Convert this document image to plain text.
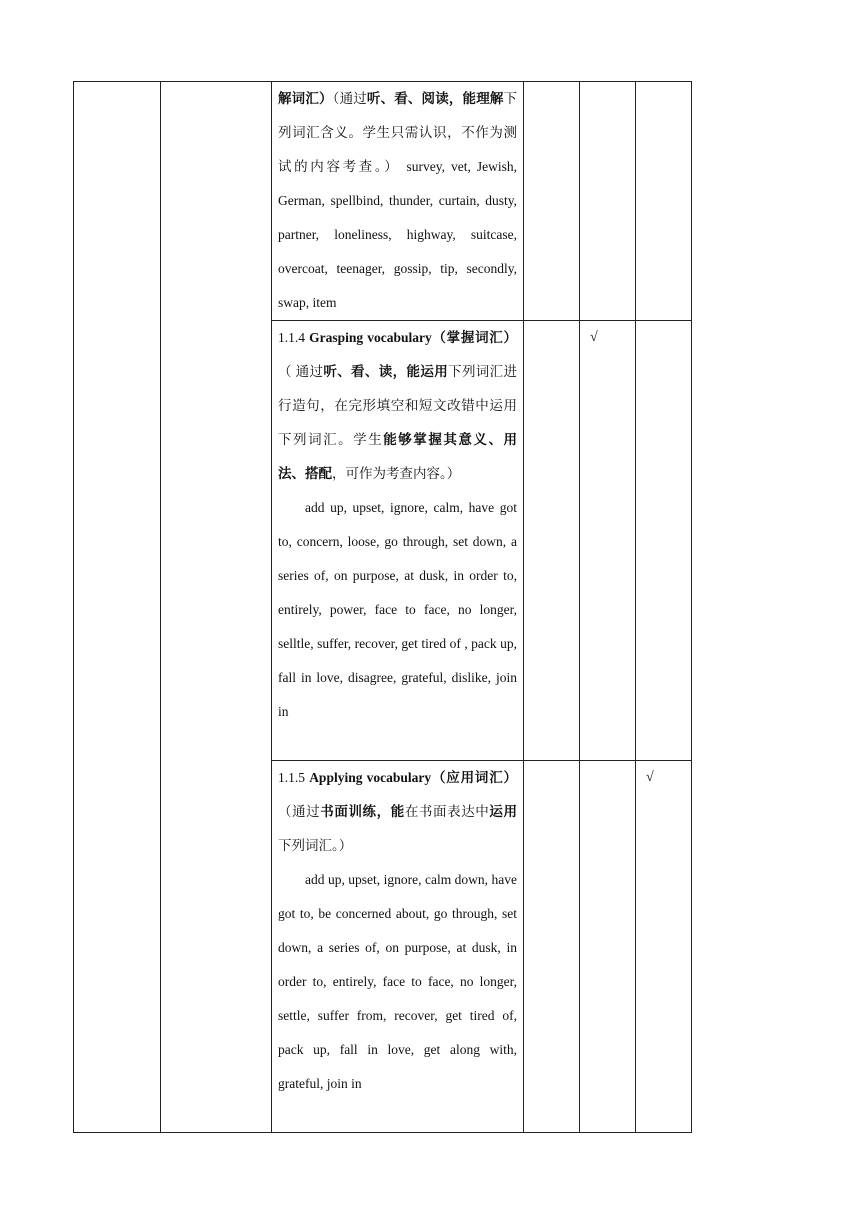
		解词汇）（通过听、看、阅读，能理解下列词汇含义。学生只需认识，不作为测试的内容考查。） survey, vet, Jewish, German, spellbind, thunder, curtain, dusty, partner, loneliness, highway, suitcase, overcoat, teenager, gossip, tip, secondly, swap, item			

		1.1.4 Grasping vocabulary（掌握词汇）（ 通过听、看、读，能运用下列词汇进行造句，在完形填空和短文改错中运用下列词汇。学生能够掌握其意义、用法、搭配，可作为考查内容。）

add up, upset, ignore, calm, have got to, concern, loose, go through, set down, a series of, on purpose, at dusk, in order to, entirely, power, face to face, no longer, selltle, suffer, recover, get tired of , pack up, fall in love, disagree, grateful, dislike, join in		√	

		1.1.5 Applying vocabulary（应用词汇）（通过书面训练，能在书面表达中运用下列词汇。）

add up, upset, ignore, calm down, have got to, be concerned about, go through, set down, a series of, on purpose, at dusk, in order to, entirely, face to face, no longer, settle, suffer from, recover, get tired of, pack up, fall in love, get along with, grateful, join in			√
